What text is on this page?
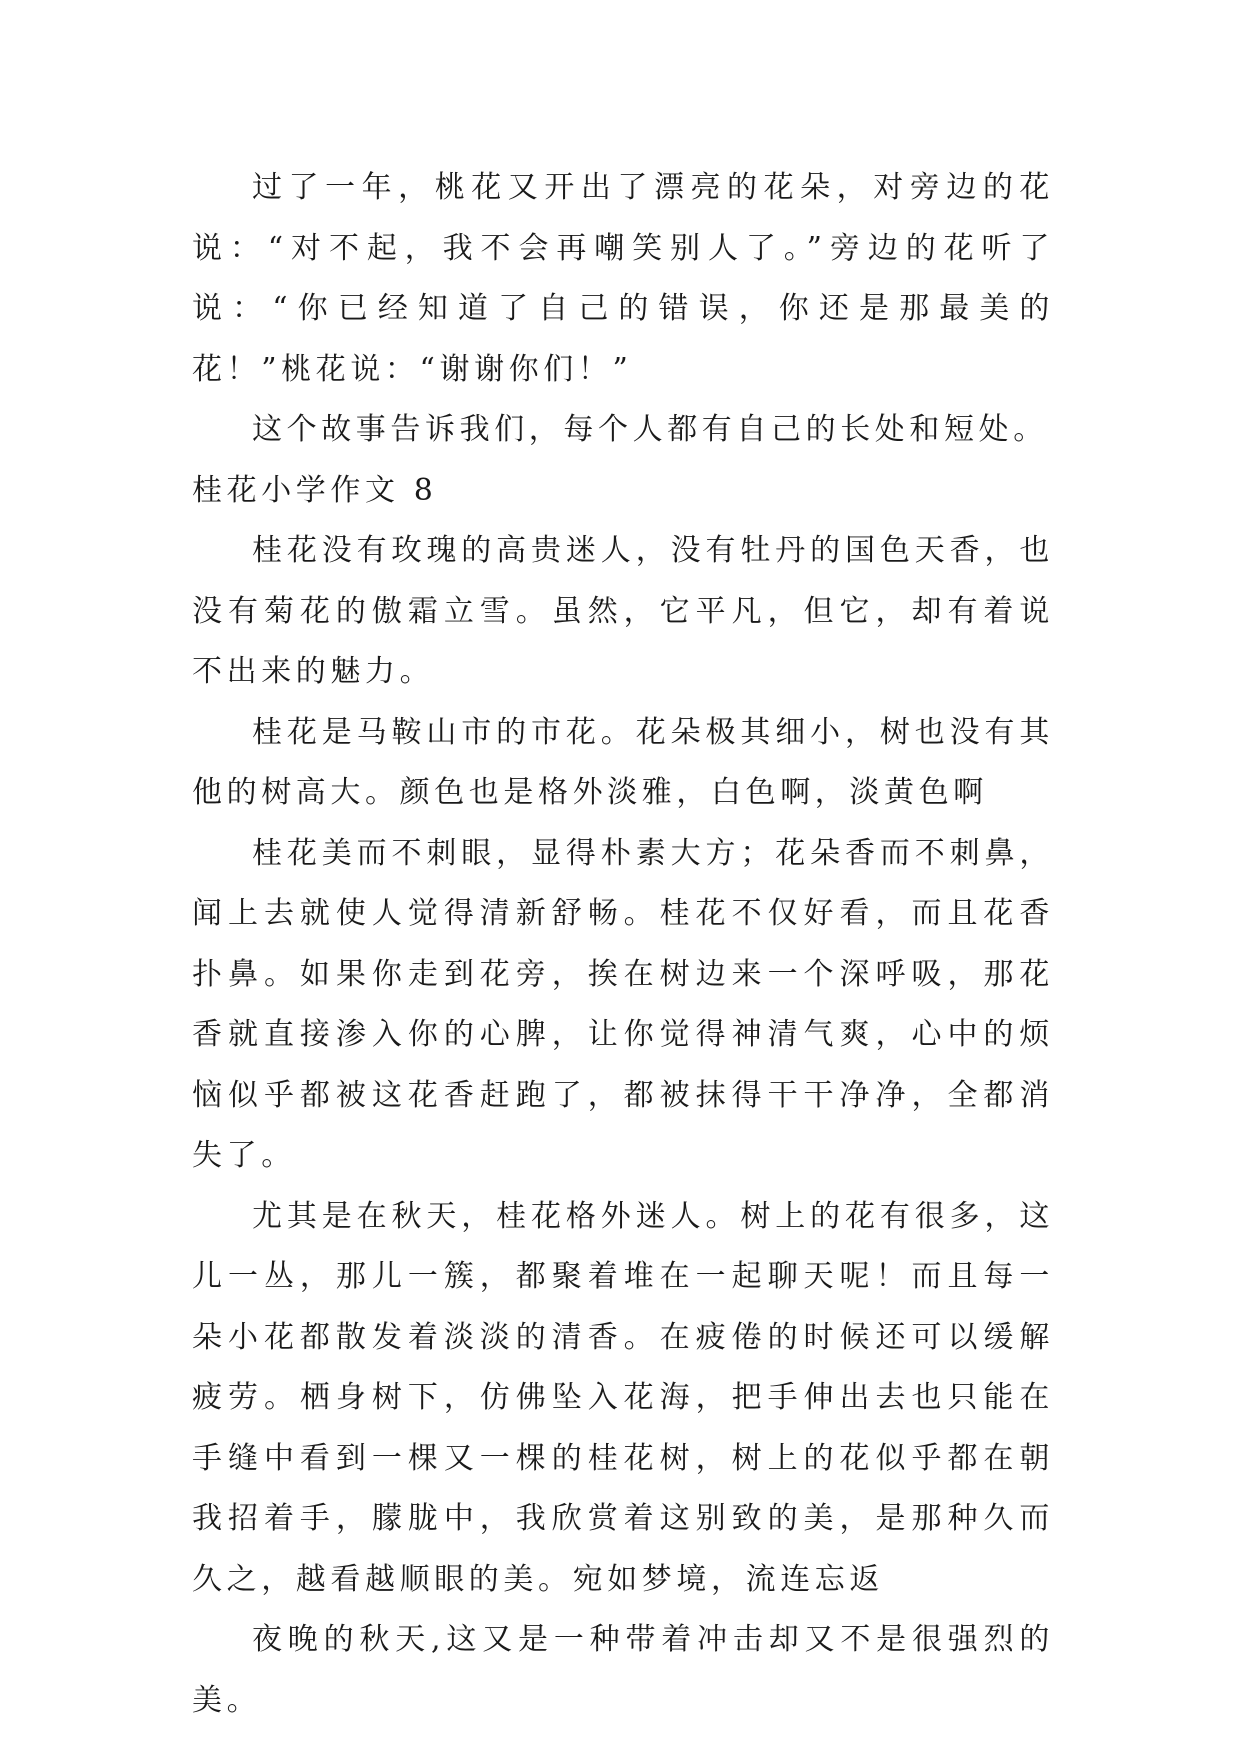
过了一年，桃花又开出了漂亮的花朵，对旁边的花说：“对不起，我不会再嘲笑别人了。”旁边的花听了说：“你已经知道了自己的错误，你还是那最美的花！”桃花说：“谢谢你们！”

这个故事告诉我们，每个人都有自己的长处和短处。

桂花小学作文 8

桂花没有玫瑰的高贵迷人，没有牡丹的国色天香，也没有菊花的傲霜立雪。虽然，它平凡，但它，却有着说不出来的魅力。

桂花是马鞍山市的市花。花朵极其细小，树也没有其他的树高大。颜色也是格外淡雅，白色啊，淡黄色啊

桂花美而不刺眼，显得朴素大方；花朵香而不刺鼻，闻上去就使人觉得清新舒畅。桂花不仅好看，而且花香扑鼻。如果你走到花旁，挨在树边来一个深呼吸，那花香就直接渗入你的心脾，让你觉得神清气爽，心中的烦恼似乎都被这花香赶跑了，都被抹得干干净净，全都消失了。

尤其是在秋天，桂花格外迷人。树上的花有很多，这儿一丛，那儿一簇，都聚着堆在一起聊天呢！而且每一朵小花都散发着淡淡的清香。在疲倦的时候还可以缓解疲劳。栖身树下，仿佛坠入花海，把手伸出去也只能在手缝中看到一棵又一棵的桂花树，树上的花似乎都在朝我招着手，朦胧中，我欣赏着这别致的美，是那种久而久之，越看越顺眼的美。宛如梦境，流连忘返

夜晚的秋天,这又是一种带着冲击却又不是很强烈的美。
